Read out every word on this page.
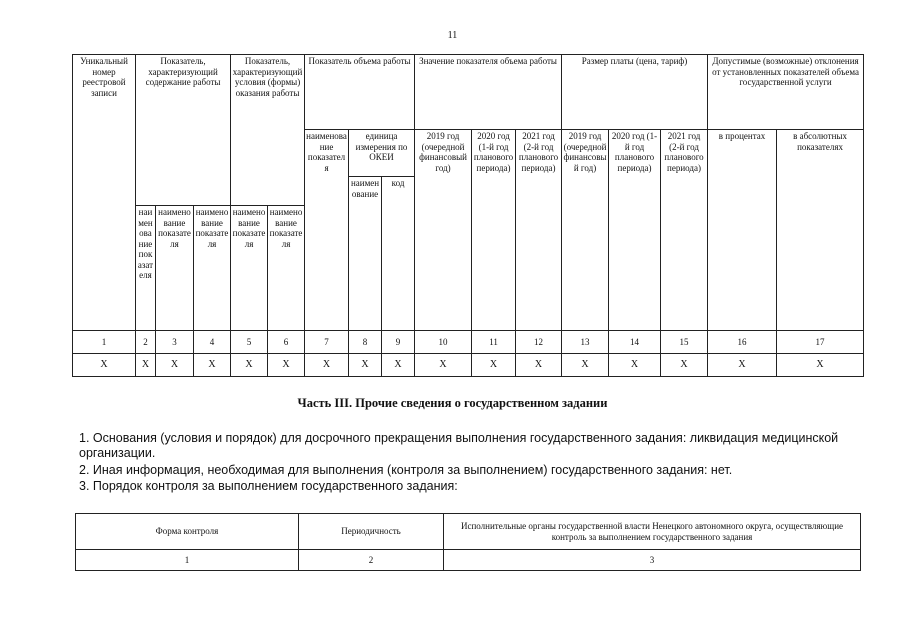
11
Уникальный номер реестровой записи	Показатель, характеризующий содержание работы			Показатель, характеризующий условия (формы) оказания работы		Показатель объема работы			Значение показателя объема работы			Размер платы (цена, тариф)			Допустимые (возможные) отклонения от установленных показателей объема государственной услуги	
						наименование показателя	единица измерения по ОКЕИ		2019 год (очередной финансовый год)	2020 год (1-й год планового периода)	2021 год (2-й год планового периода)	2019 год (очередной финансовый год)	2020 год (1-й год планового периода)	2021 год (2-й год планового периода)	в процентах	в абсолютных показателях
							наименование	код								
	наименование показателя	наименование показателя	наименование показателя	наименование показателя	наименование показателя											
1	2	3	4	5	6	7	8	9	10	11	12	13	14	15	16	17
X	X	X	X	X	X	X	X	X	X	X	X	X	X	X	X	X
Часть III. Прочие сведения о государственном задании
1. Основания (условия и порядок) для досрочного прекращения выполнения государственного задания: ликвидация медицинской организации.
2. Иная информация, необходимая для выполнения (контроля за выполнением) государственного задания: нет.
3. Порядок контроля за выполнением государственного задания:
Форма контроля	Периодичность	Исполнительные органы государственной власти Ненецкого автономного округа, осуществляющие контроль за выполнением государственного задания
1	2	3
